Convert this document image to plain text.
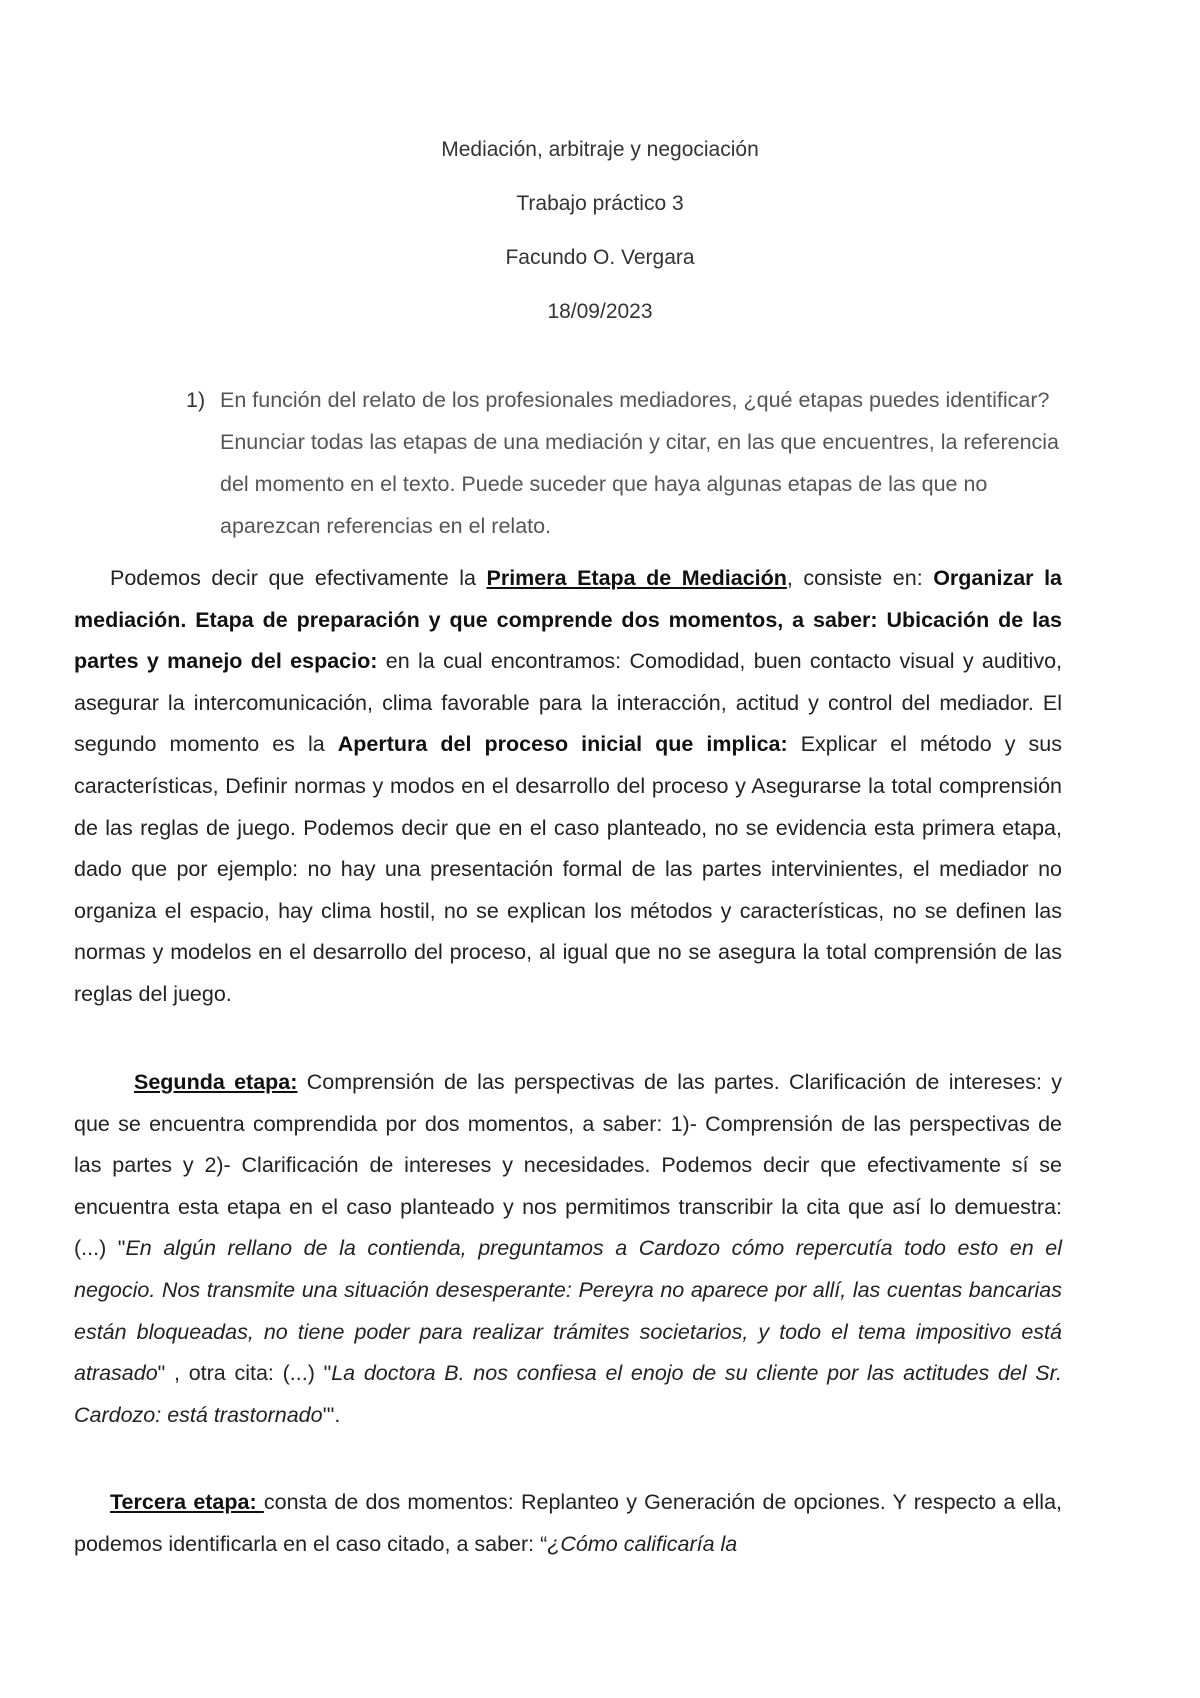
Mediación, arbitraje y negociación
Trabajo práctico 3
Facundo O. Vergara
18/09/2023
1) En función del relato de los profesionales mediadores, ¿qué etapas puedes identificar? Enunciar todas las etapas de una mediación y citar, en las que encuentres, la referencia del momento en el texto. Puede suceder que haya algunas etapas de las que no aparezcan referencias en el relato.

Podemos decir que efectivamente la Primera Etapa de Mediación, consiste en: Organizar la mediación. Etapa de preparación y que comprende dos momentos, a saber: Ubicación de las partes y manejo del espacio: en la cual encontramos: Comodidad, buen contacto visual y auditivo, asegurar la intercomunicación, clima favorable para la interacción, actitud y control del mediador. El segundo momento es la Apertura del proceso inicial que implica: Explicar el método y sus características, Definir normas y modos en el desarrollo del proceso y Asegurarse la total comprensión de las reglas de juego. Podemos decir que en el caso planteado, no se evidencia esta primera etapa, dado que por ejemplo: no hay una presentación formal de las partes intervinientes, el mediador no organiza el espacio, hay clima hostil, no se explican los métodos y características, no se definen las normas y modelos en el desarrollo del proceso, al igual que no se asegura la total comprensión de las reglas del juego.

Segunda etapa: Comprensión de las perspectivas de las partes. Clarificación de intereses: y que se encuentra comprendida por dos momentos, a saber: 1)- Comprensión de las perspectivas de las partes y 2)- Clarificación de intereses y necesidades. Podemos decir que efectivamente sí se encuentra esta etapa en el caso planteado y nos permitimos transcribir la cita que así lo demuestra: (...) "En algún rellano de la contienda, preguntamos a Cardozo cómo repercutía todo esto en el negocio. Nos transmite una situación desesperante: Pereyra no aparece por allí, las cuentas bancarias están bloqueadas, no tiene poder para realizar trámites societarios, y todo el tema impositivo está atrasado" , otra cita: (...) "La doctora B. nos confiesa el enojo de su cliente por las actitudes del Sr. Cardozo: está trastornado'".

Tercera etapa: consta de dos momentos: Replanteo y Generación de opciones. Y respecto a ella, podemos identificarla en el caso citado, a saber: “¿Cómo calificaría la
